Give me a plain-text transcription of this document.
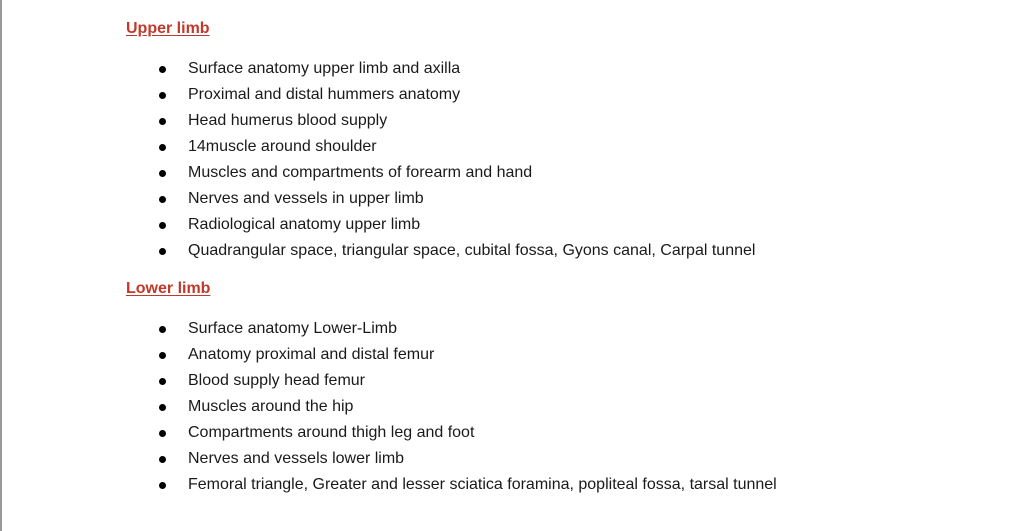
Upper limb
Surface anatomy upper limb and axilla
Proximal and distal hummers anatomy
Head humerus blood supply
14muscle around shoulder
Muscles and compartments of forearm and hand
Nerves and vessels in upper limb
Radiological anatomy upper limb
Quadrangular space, triangular space, cubital fossa, Gyons canal, Carpal tunnel
Lower limb
Surface anatomy Lower-Limb
Anatomy proximal and distal femur
Blood supply head femur
Muscles around the hip
Compartments around thigh leg and foot
Nerves and vessels lower limb
Femoral triangle, Greater and lesser sciatica foramina, popliteal fossa, tarsal tunnel
